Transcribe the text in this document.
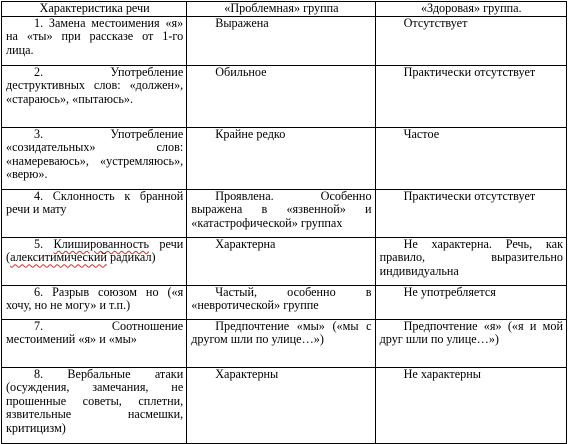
Характеристика речи	«Проблемная» группа	«Здоровая» группа.
1. Замена местоимения «я» на «ты» при рассказе от 1-го лица.	Выражена	Отсутствует
2. Употребление деструктивных слов: «должен», «стараюсь», «пытаюсь».	Обильное	Практически отсутствует
3. Употребление «созидательных» слов: «намереваюсь», «устремляюсь», «верю».	Крайне редко	Частое
4. Склонность к бранной речи и мату	Проявлена. Особенно выражена в «язвенной» и «катастрофической» группах	Практически отсутствует
5. Клишированность речи (алекситимический радикал)	Характерна	Не характерна. Речь, как правило, выразительно индивидуальна
6. Разрыв союзом но («я хочу, но не могу» и т.п.)	Частый, особенно в «невротической» группе	Не употребляется
7. Соотношение местоимений «я» и «мы»	Предпочтение «мы» («мы с другом шли по улице…»)	Предпочтение «я» («я и мой друг шли по улице…»)
8. Вербальные атаки (осуждения, замечания, не прошенные советы, сплетни, язвительные насмешки, критицизм)	Характерны	Не характерны
